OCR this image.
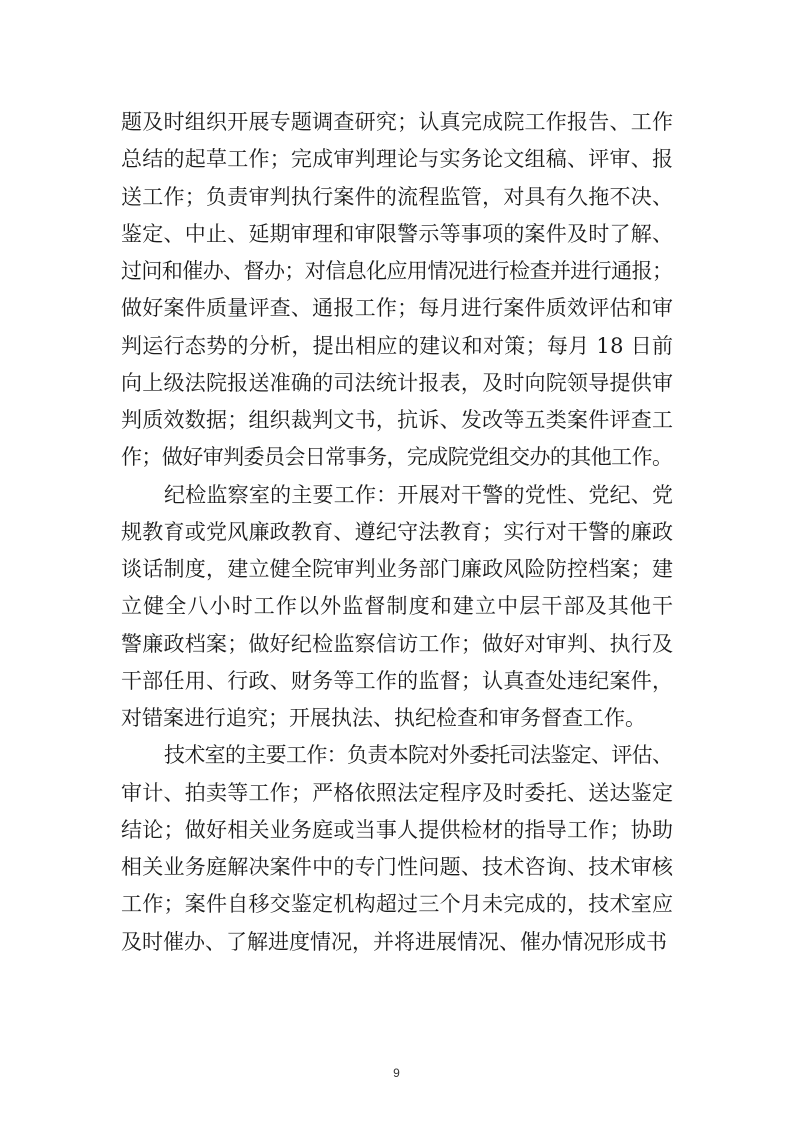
题及时组织开展专题调查研究；认真完成院工作报告、工作
总结的起草工作；完成审判理论与实务论文组稿、评审、报
送工作；负责审判执行案件的流程监管，对具有久拖不决、
鉴定、中止、延期审理和审限警示等事项的案件及时了解、
过问和催办、督办；对信息化应用情况进行检查并进行通报；
做好案件质量评查、通报工作；每月进行案件质效评估和审
判运行态势的分析，提出相应的建议和对策；每月 18 日前
向上级法院报送准确的司法统计报表，及时向院领导提供审
判质效数据；组织裁判文书，抗诉、发改等五类案件评查工
作；做好审判委员会日常事务，完成院党组交办的其他工作。
纪检监察室的主要工作：开展对干警的党性、党纪、党
规教育或党风廉政教育、遵纪守法教育；实行对干警的廉政
谈话制度，建立健全院审判业务部门廉政风险防控档案；建
立健全八小时工作以外监督制度和建立中层干部及其他干
警廉政档案；做好纪检监察信访工作；做好对审判、执行及
干部任用、行政、财务等工作的监督；认真查处违纪案件，
对错案进行追究；开展执法、执纪检查和审务督查工作。
技术室的主要工作：负责本院对外委托司法鉴定、评估、
审计、拍卖等工作；严格依照法定程序及时委托、送达鉴定
结论；做好相关业务庭或当事人提供检材的指导工作；协助
相关业务庭解决案件中的专门性问题、技术咨询、技术审核
工作；案件自移交鉴定机构超过三个月未完成的，技术室应
及时催办、了解进度情况，并将进展情况、催办情况形成书
9
